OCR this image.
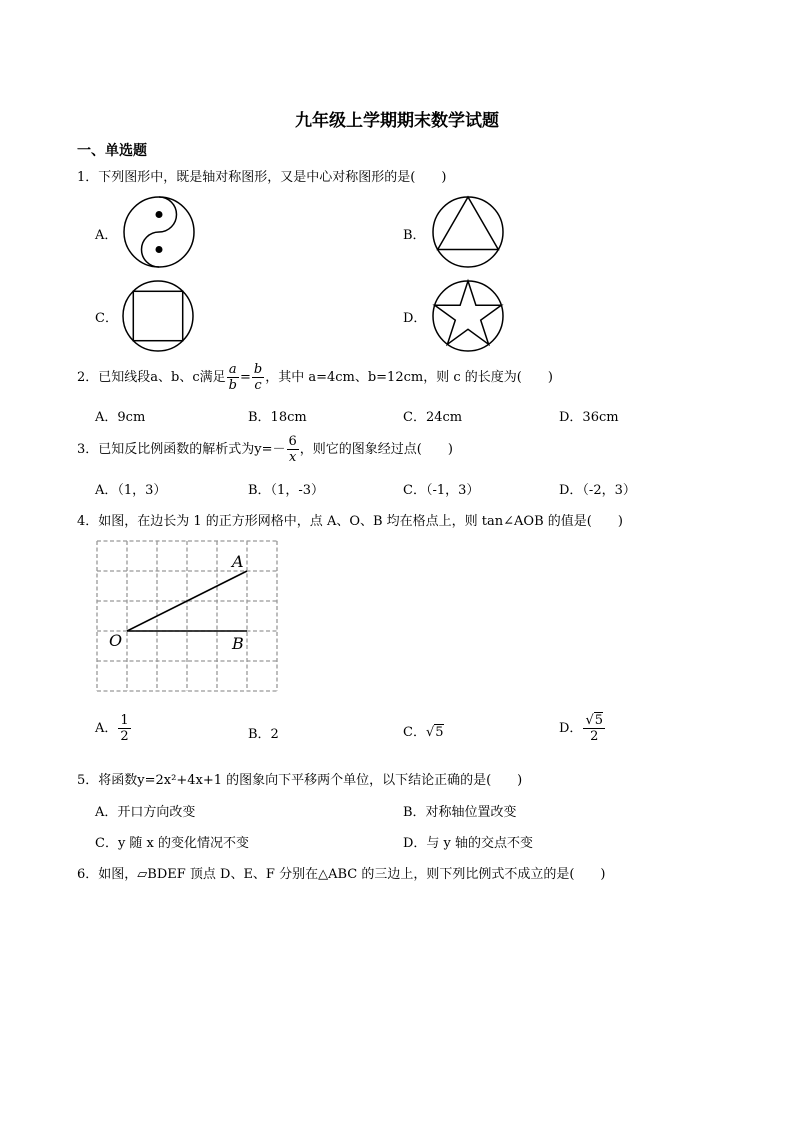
九年级上学期期末数学试题
一、单选题
1．下列图形中，既是轴对称图形，又是中心对称图形的是(　　)
A．	B．
C．	D．
2．已知线段a、b、c满足 $\frac{a}{b} = \frac{b}{c}$ ，其中 a=4cm、b=12cm，则 c 的长度为(　　)
A．9cm	B．18cm	C．24cm	D．36cm
3．已知反比例函数的解析式为$y=- \frac{6}{x}$ ，则它的图象经过点(　　)
A．（1，3）	B．（1，-3）	C．（-1，3）	D．（-2，3）
4．如图，在边长为 1 的正方形网格中，点 A、O、B 均在格点上，则 tan∠AOB 的值是(　　)
A
O	B
A． $\frac{1}{2}$	B．2	C．√5	D． $\frac{√5}{2}$
5．将函数y=2x²+4x+1 的图象向下平移两个单位，以下结论正确的是(　　)
A．开口方向改变	B．对称轴位置改变
C．y 随 x 的变化情况不变	D．与 y 轴的交点不变
6．如图，▱BDEF 顶点 D、E、F 分别在△ABC 的三边上，则下列比例式不成立的是(　　)
